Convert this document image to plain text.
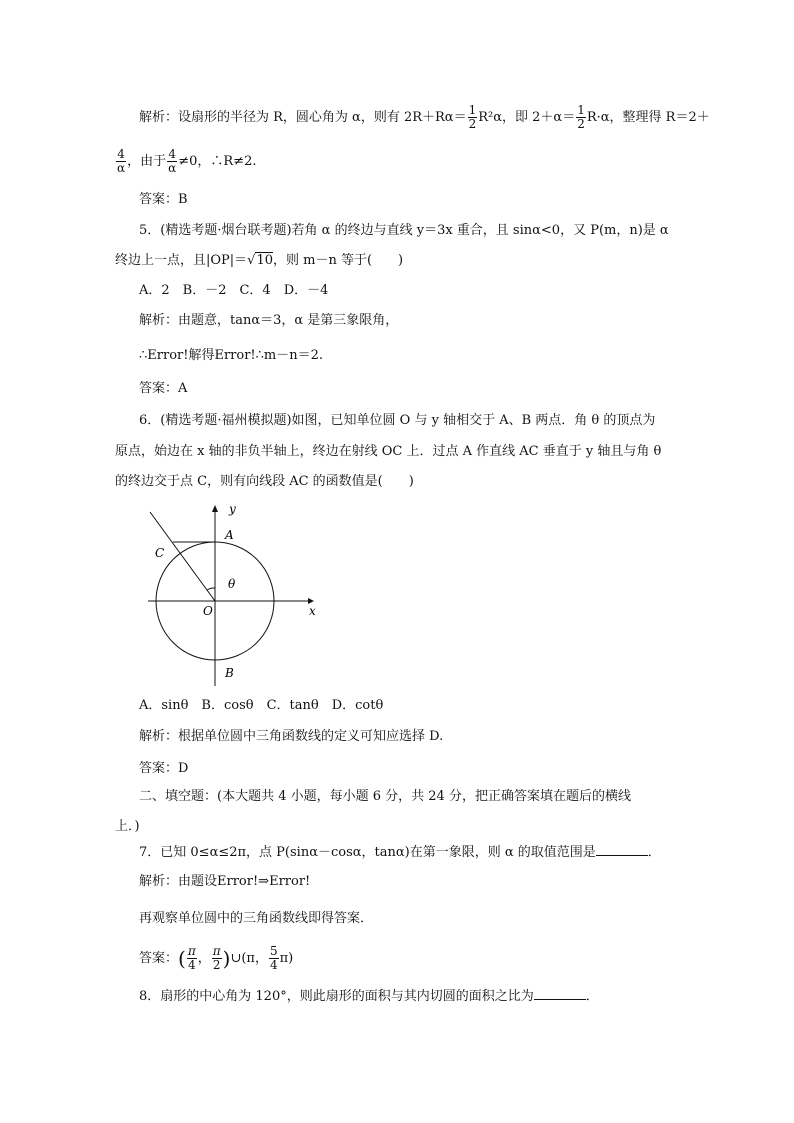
解析：设扇形的半径为 R，圆心角为 α，则有 $2R+R\alpha= \frac{1}{2} R^2\alpha$，即 $2+\alpha= \frac{1}{2} R\cdot\alpha$，整理得 R＝2＋
$\frac{4}{\alpha}$ ，由于 $\frac{4}{\alpha} \ne 0$，∴R≠2.
答案：B
5．(精选考题·烟台联考题)若角 α 的终边与直线 y＝3x 重合，且 sinα<0，又 P(m，n)是 α
终边上一点，且|OP|＝√10，则 m－n 等于(　　)
A．2　B．－2　C．4　D．－4
解析：由题意，tanα＝3，α 是第三象限角，
∴Error!解得Error!∴m－n＝2.
答案：A
6．(精选考题·福州模拟题)如图，已知单位圆 O 与 y 轴相交于 A、B 两点．角 θ 的顶点为
原点，始边在 x 轴的非负半轴上，终边在射线 OC 上．过点 A 作直线 AC 垂直于 y 轴且与角 θ
的终边交于点 C，则有向线段 AC 的函数值是(　　)
y
x
A
B
C
O
θ
A．sinθ　B．cosθ　C．tanθ　D．cotθ
解析：根据单位圆中三角函数线的定义可知应选择 D.
答案：D
二、填空题：(本大题共 4 小题，每小题 6 分，共 24 分，把正确答案填在题后的横线
上．)
7．已知 0≤α≤2π，点 P(sinα－cosα，tanα)在第一象限，则 α 的取值范围是	．
解析：由题设Error!⇒Error!
再观察单位圆中的三角函数线即得答案．
答案：( $\frac{\pi}{4}$ ， $\frac{\pi}{2}$ )∪(π， $\frac{5}{4} \pi$)
8．扇形的中心角为 120°，则此扇形的面积与其内切圆的面积之比为	．
